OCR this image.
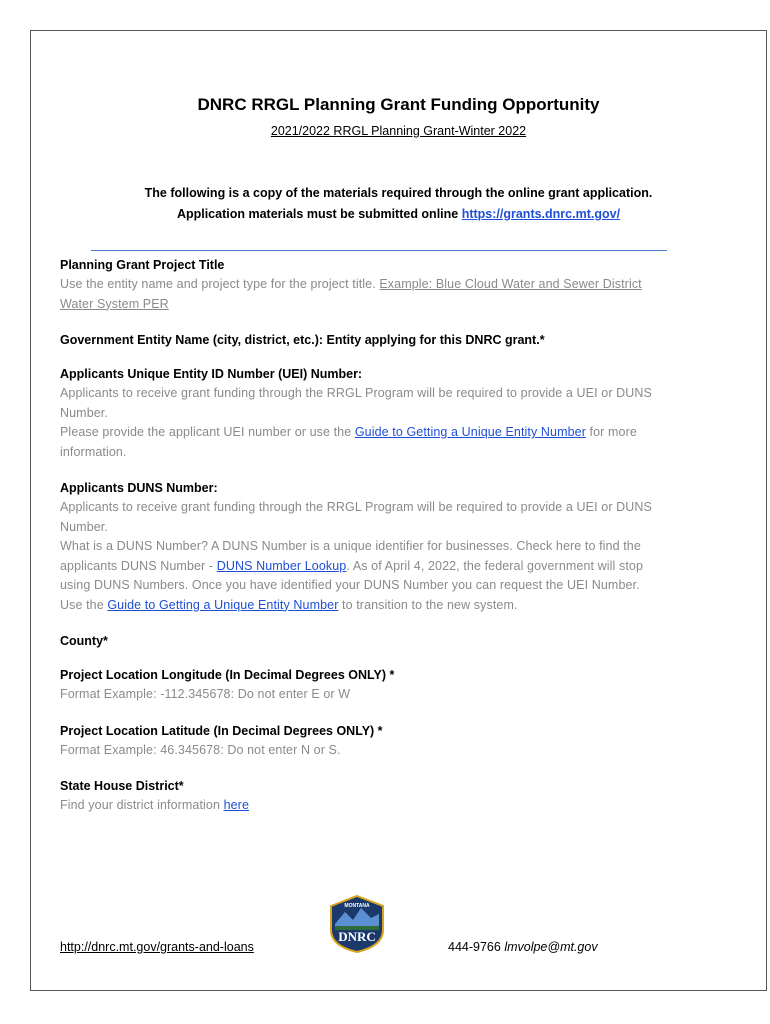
DNRC RRGL Planning Grant Funding Opportunity
2021/2022 RRGL Planning Grant-Winter 2022
The following is a copy of the materials required through the online grant application.
Application materials must be submitted online https://grants.dnrc.mt.gov/
Planning Grant Project Title
Use the entity name and project type for the project title. Example: Blue Cloud Water and Sewer District Water System PER
Government Entity Name (city, district, etc.): Entity applying for this DNRC grant.*
Applicants Unique Entity ID Number (UEI) Number:

Applicants to receive grant funding through the RRGL Program will be required to provide a UEI or DUNS Number.

Please provide the applicant UEI number or use the Guide to Getting a Unique Entity Number for more information.

Applicants DUNS Number:

Applicants to receive grant funding through the RRGL Program will be required to provide a UEI or DUNS Number.

What is a DUNS Number? A DUNS Number is a unique identifier for businesses. Check here to find the applicants DUNS Number - DUNS Number Lookup. As of April 4, 2022, the federal government will stop using DUNS Numbers. Once you have identified your DUNS Number you can request the UEI Number. Use the Guide to Getting a Unique Entity Number to transition to the new system.

County*
Project Location Longitude (In Decimal Degrees ONLY) *
Format Example: -112.345678: Do not enter E or W
Project Location Latitude (In Decimal Degrees ONLY) *
Format Example: 46.345678: Do not enter N or S.
State House District*
Find your district information here
MONTANA
DNRC
http://dnrc.mt.gov/grants-and-loans	444-9766 lmvolpe@mt.gov
